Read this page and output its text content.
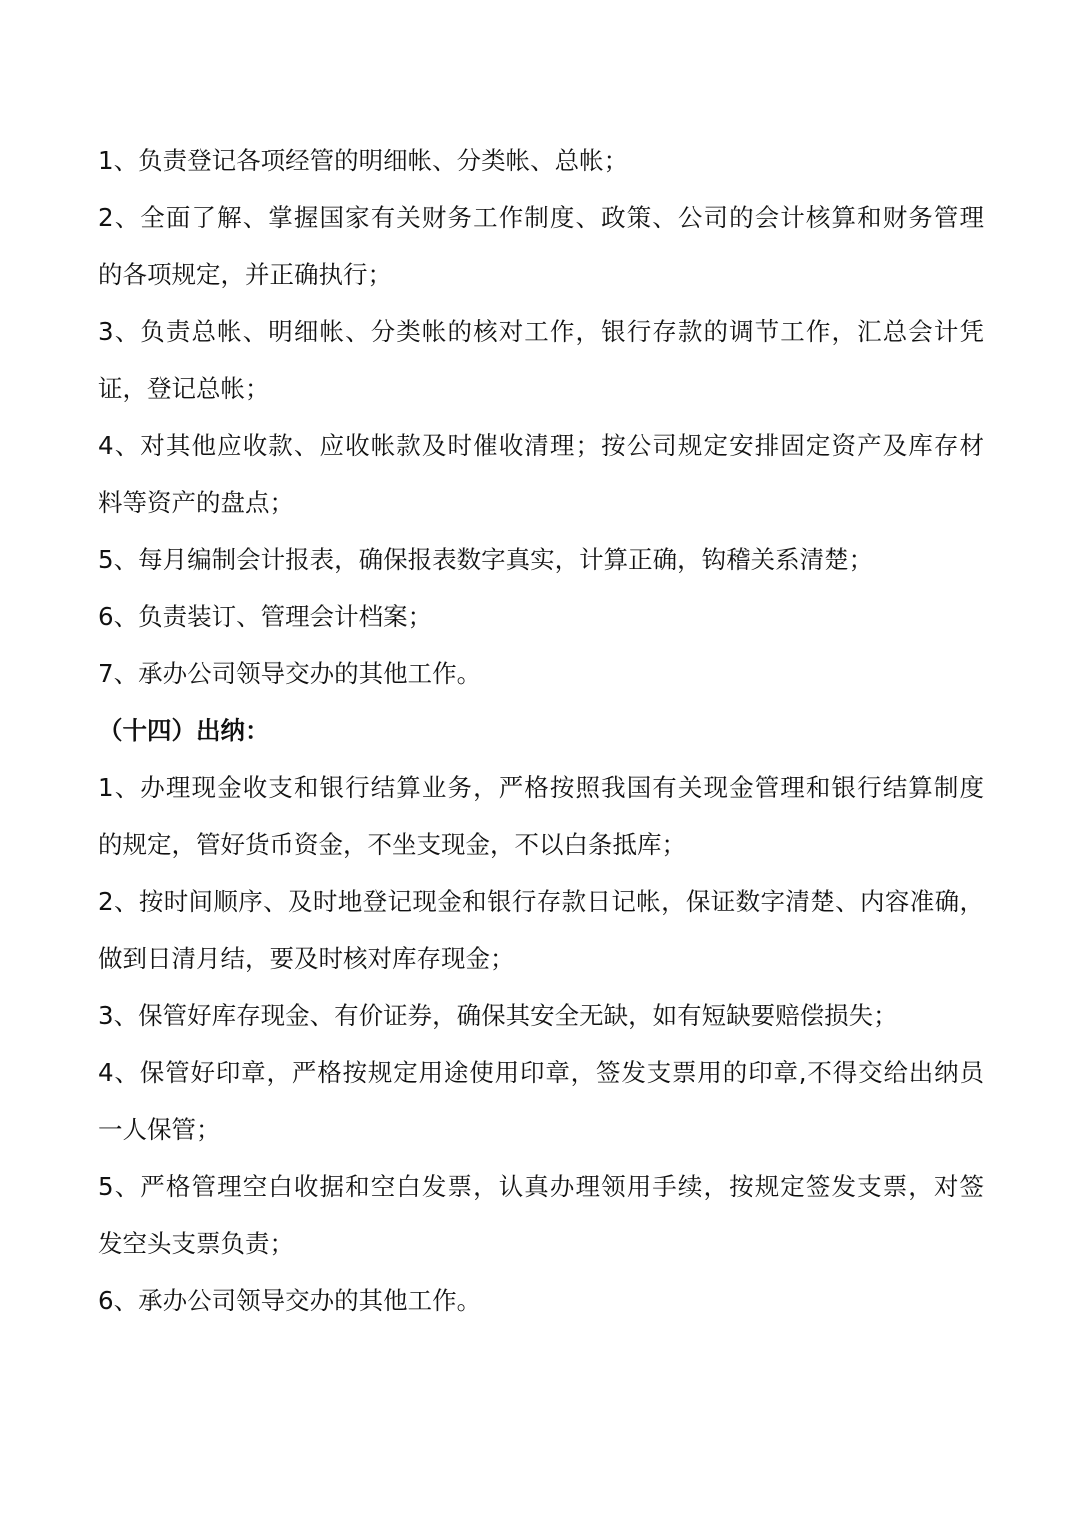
1、负责登记各项经管的明细帐、分类帐、总帐；
2、全面了解、掌握国家有关财务工作制度、政策、公司的会计核算和财务管理
的各项规定，并正确执行；
3、负责总帐、明细帐、分类帐的核对工作，银行存款的调节工作，汇总会计凭
证，登记总帐；
4、对其他应收款、应收帐款及时催收清理；按公司规定安排固定资产及库存材
料等资产的盘点；
5、每月编制会计报表，确保报表数字真实，计算正确，钩稽关系清楚；
6、负责装订、管理会计档案；
7、承办公司领导交办的其他工作。
（十四）出纳：
1、办理现金收支和银行结算业务，严格按照我国有关现金管理和银行结算制度
的规定，管好货币资金，不坐支现金，不以白条抵库；
2、按时间顺序、及时地登记现金和银行存款日记帐，保证数字清楚、内容准确，
做到日清月结，要及时核对库存现金；
3、保管好库存现金、有价证券，确保其安全无缺，如有短缺要赔偿损失；
4、保管好印章，严格按规定用途使用印章，签发支票用的印章,不得交给出纳员
一人保管；
5、严格管理空白收据和空白发票，认真办理领用手续，按规定签发支票，对签
发空头支票负责；
6、承办公司领导交办的其他工作。
